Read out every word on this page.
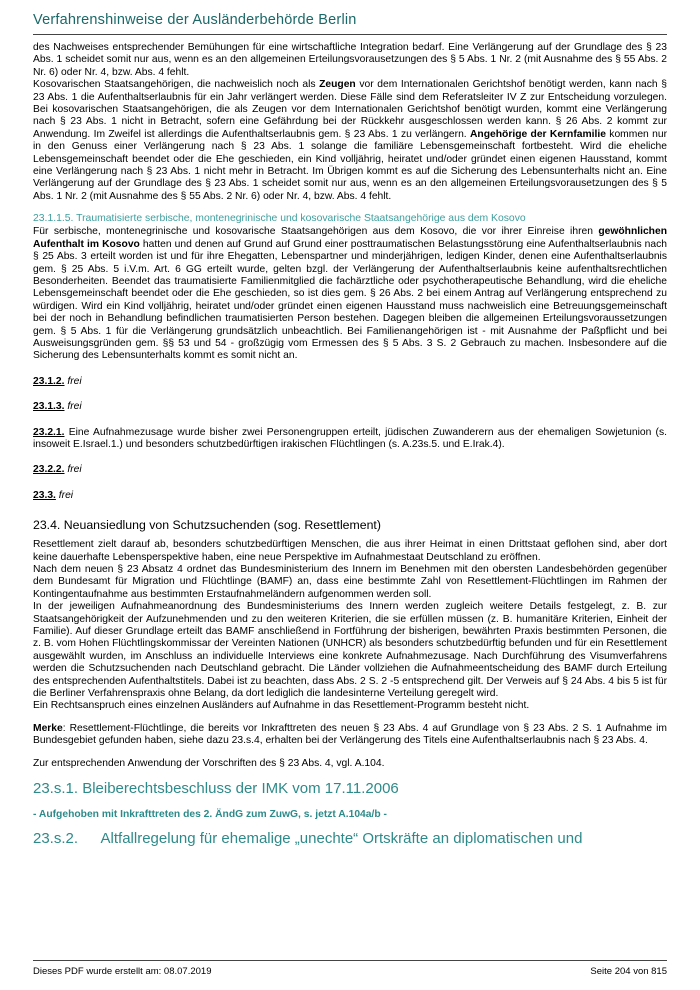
Verfahrenshinweise der Ausländerbehörde Berlin

des Nachweises entsprechender Bemühungen für eine wirtschaftliche Integration bedarf. Eine Verlängerung auf der Grundlage des § 23 Abs. 1 scheidet somit nur aus, wenn es an den allgemeinen Erteilungsvorausetzungen des § 5 Abs. 1 Nr. 2 (mit Ausnahme des § 55 Abs. 2 Nr. 6) oder Nr. 4, bzw. Abs. 4 fehlt.

Kosovarischen Staatsangehörigen, die nachweislich noch als Zeugen vor dem Internationalen Gerichtshof benötigt werden, kann nach § 23 Abs. 1 die Aufenthaltserlaubnis für ein Jahr verlängert werden. Diese Fälle sind dem Referatsleiter IV Z zur Entscheidung vorzulegen. Bei kosovarischen Staatsangehörigen, die als Zeugen vor dem Internationalen Gerichtshof benötigt wurden, kommt eine Verlängerung nach § 23 Abs. 1 nicht in Betracht, sofern eine Gefährdung bei der Rückkehr ausgeschlossen werden kann. § 26 Abs. 2 kommt zur Anwendung. Im Zweifel ist allerdings die Aufenthaltserlaubnis gem. § 23 Abs. 1 zu verlängern. Angehörige der Kernfamilie kommen nur in den Genuss einer Verlängerung nach § 23 Abs. 1 solange die familiäre Lebensgemeinschaft fortbesteht. Wird die eheliche Lebensgemeinschaft beendet oder die Ehe geschieden, ein Kind volljährig, heiratet und/oder gründet einen eigenen Hausstand, kommt eine Verlängerung nach § 23 Abs. 1 nicht mehr in Betracht. Im Übrigen kommt es auf die Sicherung des Lebensunterhalts nicht an. Eine Verlängerung auf der Grundlage des § 23 Abs. 1 scheidet somit nur aus, wenn es an den allgemeinen Erteilungsvorausetzungen des § 5 Abs. 1 Nr. 2 (mit Ausnahme des § 55 Abs. 2 Nr. 6) oder Nr. 4, bzw. Abs. 4 fehlt.

23.1.1.5. Traumatisierte serbische, montenegrinische und kosovarische Staatsangehörige aus dem Kosovo

Für serbische, montenegrinische und kosovarische Staatsangehörigen aus dem Kosovo, die vor ihrer Einreise ihren gewöhnlichen Aufenthalt im Kosovo hatten und denen auf Grund auf Grund einer posttraumatischen Belastungsstörung eine Aufenthaltserlaubnis nach § 25 Abs. 3 erteilt worden ist und für ihre Ehegatten, Lebenspartner und minderjährigen, ledigen Kinder, denen eine Aufenthaltserlaubnis gem. § 25 Abs. 5 i.V.m. Art. 6 GG erteilt wurde, gelten bzgl. der Verlängerung der Aufenthaltserlaubnis keine aufenthaltsrechtlichen Besonderheiten. Beendet das traumatisierte Familienmitglied die fachärztliche oder psychotherapeutische Behandlung, wird die eheliche Lebensgemeinschaft beendet oder die Ehe geschieden, so ist dies gem. § 26 Abs. 2 bei einem Antrag auf Verlängerung entsprechend zu würdigen. Wird ein Kind volljährig, heiratet und/oder gründet einen eigenen Hausstand muss nachweislich eine Betreuungsgemeinschaft bei der noch in Behandlung befindlichen traumatisierten Person bestehen. Dagegen bleiben die allgemeinen Erteilungsvoraussetzungen gem. § 5 Abs. 1 für die Verlängerung grundsätzlich unbeachtlich. Bei Familienangehörigen ist - mit Ausnahme der Paßpflicht und bei Ausweisungsgründen gem. §§ 53 und 54 - großzügig vom Ermessen des § 5 Abs. 3 S. 2 Gebrauch zu machen. Insbesondere auf die Sicherung des Lebensunterhalts kommt es somit nicht an.

23.1.2. frei

23.1.3. frei

23.2.1. Eine Aufnahmezusage wurde bisher zwei Personengruppen erteilt, jüdischen Zuwanderern aus der ehemaligen Sowjetunion (s. insoweit E.Israel.1.) und besonders schutzbedürftigen irakischen Flüchtlingen (s. A.23s.5. und E.Irak.4).

23.2.2. frei

23.3. frei

23.4. Neuansiedlung von Schutzsuchenden (sog. Resettlement)

Resettlement zielt darauf ab, besonders schutzbedürftigen Menschen, die aus ihrer Heimat in einen Drittstaat geflohen sind, aber dort keine dauerhafte Lebensperspektive haben, eine neue Perspektive im Aufnahmestaat Deutschland zu eröffnen.

Nach dem neuen § 23 Absatz 4 ordnet das Bundesministerium des Innern im Benehmen mit den obersten Landesbehörden gegenüber dem Bundesamt für Migration und Flüchtlinge (BAMF) an, dass eine bestimmte Zahl von Resettlement-Flüchtlingen im Rahmen der Kontingentaufnahme aus bestimmten Erstaufnahmeländern aufgenommen werden soll.

In der jeweiligen Aufnahmeanordnung des Bundesministeriums des Innern werden zugleich weitere Details festgelegt, z. B. zur Staatsangehörigkeit der Aufzunehmenden und zu den weiteren Kriterien, die sie erfüllen müssen (z. B. humanitäre Kriterien, Einheit der Familie). Auf dieser Grundlage erteilt das BAMF anschließend in Fortführung der bisherigen, bewährten Praxis bestimmten Personen, die z. B. vom Hohen Flüchtlingskommissar der Vereinten Nationen (UNHCR) als besonders schutzbedürftig befunden und für ein Resettlement ausgewählt wurden, im Anschluss an individuelle Interviews eine konkrete Aufnahmezusage. Nach Durchführung des Visumverfahrens werden die Schutzsuchenden nach Deutschland gebracht. Die Länder vollziehen die Aufnahmeentscheidung des BAMF durch Erteilung des entsprechenden Aufenthaltstitels. Dabei ist zu beachten, dass Abs. 2 S. 2 -5 entsprechend gilt. Der Verweis auf § 24 Abs. 4 bis 5 ist für die Berliner Verfahrenspraxis ohne Belang, da dort lediglich die landesinterne Verteilung geregelt wird.

Ein Rechtsanspruch eines einzelnen Ausländers auf Aufnahme in das Resettlement-Programm besteht nicht.

Merke: Resettlement-Flüchtlinge, die bereits vor Inkrafttreten des neuen § 23 Abs. 4 auf Grundlage von § 23 Abs. 2 S. 1 Aufnahme im Bundesgebiet gefunden haben, siehe dazu 23.s.4, erhalten bei der Verlängerung des Titels eine Aufenthaltserlaubnis nach § 23 Abs. 4.

Zur entsprechenden Anwendung der Vorschriften des § 23 Abs. 4, vgl. A.104.

23.s.1. Bleiberechtsbeschluss der IMK vom 17.11.2006

- Aufgehoben mit Inkrafttreten des 2. ÄndG zum ZuwG, s. jetzt A.104a/b -

23.s.2.  Altfallregelung für ehemalige „unechte“ Ortskräfte an diplomatischen und
Dieses PDF wurde erstellt am: 08.07.2019	Seite 204 von 815
